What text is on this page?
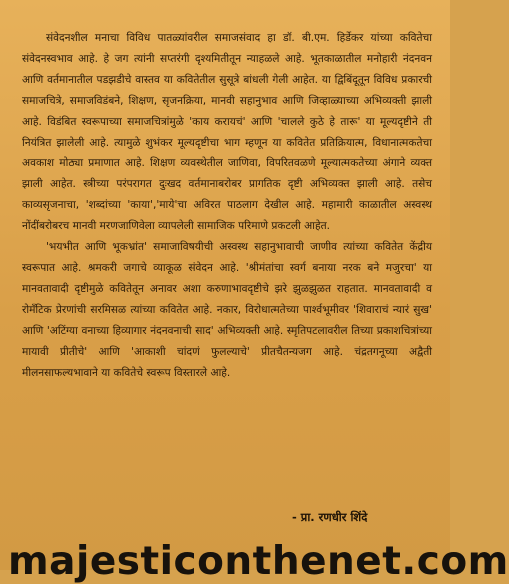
संवेदनशील मनाचा विविध पातळ्यांवरील समाजसंवाद हा डॉ. बी.एम. हिर्डेकर यांच्या कवितेचा संवेदनस्वभाव आहे. हे जग त्यांनी सप्तरंगी दृश्यमितीतून न्याहळले आहे. भूतकाळातील मनोहारी नंदनवन आणि वर्तमानातील पडझडीचे वास्तव या कवितेतील सुसूत्रे बांधली गेली आहेत. या द्विबिंदूतून विविध प्रकारची समाजचित्रे, समाजविडंबने, शिक्षण, सृजनक्रिया, मानवी सहानुभाव आणि जिव्हाळ्याच्या अभिव्यक्ती झाली आहे. विडंबित स्वरूपाच्या समाजचित्रांमुळे 'काय करायचं' आणि 'चालले कुठे हे तारू' या मूल्यदृष्टीने ती नियंत्रित झालेली आहे. त्यामुळे शुभंकर मूल्यदृष्टीचा भाग म्हणून या कवितेत प्रतिक्रियात्म, विधानात्मकतेचा अवकाश मोठ्या प्रमाणात आहे. शिक्षण व्यवस्थेतील जाणिवा, विपरितवळणे मूल्यात्मकतेच्या अंगाने व्यक्त झाली आहेत. स्त्रीच्या परंपरागत दुःखद वर्तमानाबरोबर प्रागतिक दृष्टी अभिव्यक्त झाली आहे. तसेच काव्यसृजनाचा, 'शब्दांच्या 'काया','माये'चा अविरत पाठलाग देखील आहे. महामारी काळातील अस्वस्थ नोंदींबरोबरच मानवी मरणजाणिवेला व्यापलेली सामाजिक परिमाणे प्रकटली आहेत.

'भयभीत आणि भूकभ्रांत' समाजाविषयीची अस्वस्थ सहानुभावाची जाणीव त्यांच्या कवितेत केंद्रीय स्वरूपात आहे. श्रमकरी जगाचे व्याकूळ संवेदन आहे. 'श्रीमंतांचा स्वर्ग बनाया नरक बने मजुरचा' या मानवतावादी दृष्टीमुळे कवितेतून अनावर अशा करुणाभावदृष्टीचे झरे झुळझुळत राहतात. मानवतावादी व रोमँटिक प्रेरणांची सरमिसळ त्यांच्या कवितेत आहे. नकार, विरोधात्मतेच्या पार्श्वभूमीवर 'शिवाराचं न्यारं सुख' आणि 'अटिंग्या वनाच्या हिव्यागार नंदनवनाची साद' अभिव्यक्ती आहे. स्मृतिपटलावरील तिच्या प्रकाशचित्रांच्या मायावी प्रीतीचे' आणि 'आकाशी चांदणं फुलल्याचे' प्रीतचैतन्यजग आहे. चंद्रतगनूच्या अद्वैती मीलनसाफल्यभावाने या कवितेचे स्वरूप विस्तारले आहे.

- प्रा. रणधीर शिंदे
majesticonthenet.com
